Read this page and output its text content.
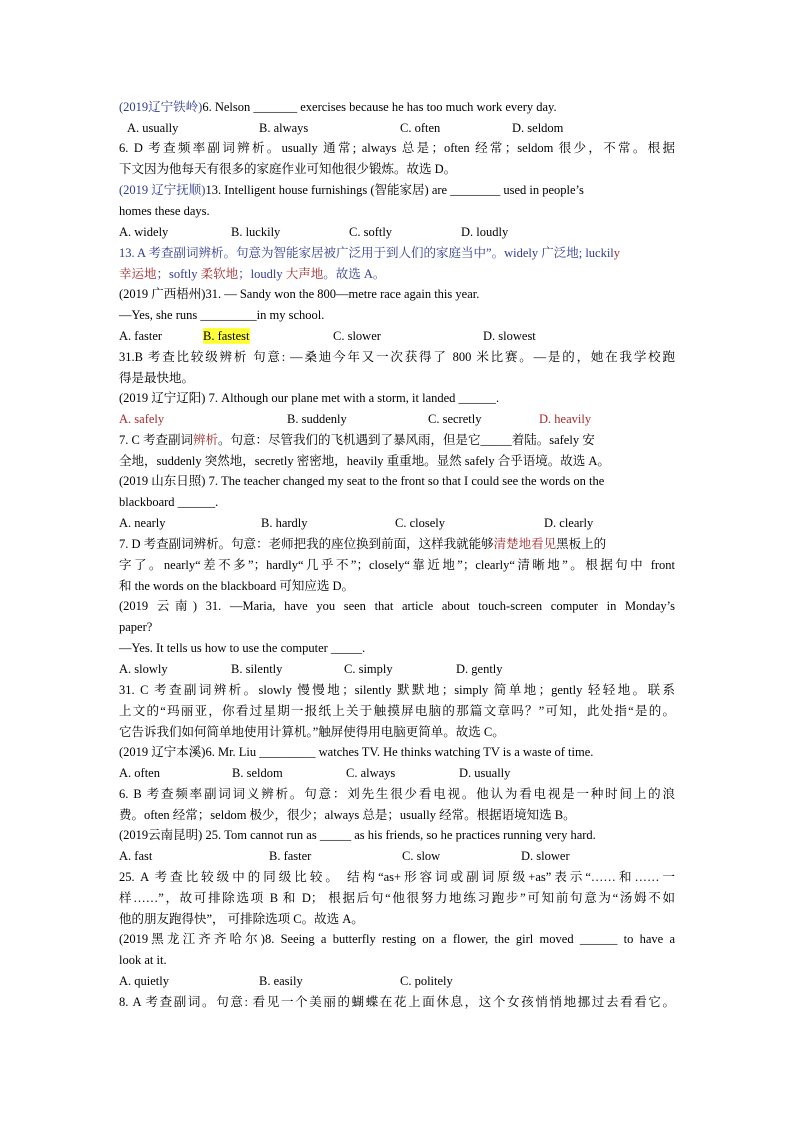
(2019辽宁铁岭)6. Nelson _______ exercises because he has too much work every day.
A. usually	B. always	C. often	D. seldom
6. D 考查频率副词辨析。usually 通常; always 总是；often 经常；seldom 很少，不常。根据
下文因为他每天有很多的家庭作业可知他很少锻炼。故选 D。
(2019 辽宁抚顺)13. Intelligent house furnishings (智能家居) are ________ used in people’s
homes these days.
A. widely	B. luckily	C. softly	D. loudly
13. A 考查副词辨析。句意为智能家居被广泛用于到人们的家庭当中”。widely 广泛地; luckily
幸运地；softly 柔软地；loudly 大声地。故选 A。
(2019 广西梧州)31. — Sandy won the 800—metre race again this year.
—Yes, she runs _________in my school.
A. faster	B. fastest	C. slower	D. slowest
31.B 考查比较级辨析 句意: —桑迪今年又一次获得了 800 米比赛。—是的，她在我学校跑
得是最快地。
(2019 辽宁辽阳) 7. Although our plane met with a storm, it landed ______.
A. safely	B. suddenly	C. secretly	D. heavily
7. C 考查副词辨析。句意：尽管我们的飞机遇到了暴风雨，但是它_____着陆。safely 安
全地，suddenly 突然地，secretly 密密地，heavily 重重地。显然 safely 合乎语境。故选 A。
(2019 山东日照) 7. The teacher changed my seat to the front so that I could see the words on the
blackboard ______.
A. nearly	B. hardly	C. closely	D. clearly
7. D 考查副词辨析。句意：老师把我的座位换到前面，这样我就能够清楚地看见黑板上的
字了。nearly“差不多”；hardly“几乎不”；closely“靠近地”；clearly“清晰地”。根据句中 front
和 the words on the blackboard 可知应选 D。
(2019 云南) 31. —Maria, have you seen that article about touch-screen computer in Monday’s
paper?
—Yes. It tells us how to use the computer _____.
A. slowly	B. silently	C. simply	D. gently
31. C 考查副词辨析。slowly 慢慢地；silently 默默地；simply 简单地；gently 轻轻地。联系
上文的“玛丽亚，你看过星期一报纸上关于触摸屏电脑的那篇文章吗？”可知，此处指“是的。
它告诉我们如何简单地使用计算机。”触屏使得用电脑更简单。故选 C。
(2019 辽宁本溪)6. Mr. Liu _________ watches TV. He thinks watching TV is a waste of time.
A. often	B. seldom	C. always	D. usually
6. B 考查频率副词词义辨析。句意：刘先生很少看电视。他认为看电视是一种时间上的浪
费。often 经常；seldom 极少，很少；always 总是；usually 经常。根据语境知选 B。
(2019云南昆明) 25. Tom cannot run as _____ as his friends, so he practices running very hard.
A. fast	B. faster	C. slow	D. slower
25. A 考查比较级中的同级比较。 结构“as+形容词或副词原级+as”表示“……和……一
样……”，故可排除选项 B 和 D； 根据后句“他很努力地练习跑步”可知前句意为“汤姆不如
他的朋友跑得快”， 可排除选项 C。故选 A。
(2019黑龙江齐齐哈尔)8. Seeing a butterfly resting on a flower, the girl moved ______ to have a
look at it.
A. quietly	B. easily	C. politely
8. A 考查副词。句意: 看见一个美丽的蝴蝶在花上面休息，这个女孩悄悄地挪过去看看它。
